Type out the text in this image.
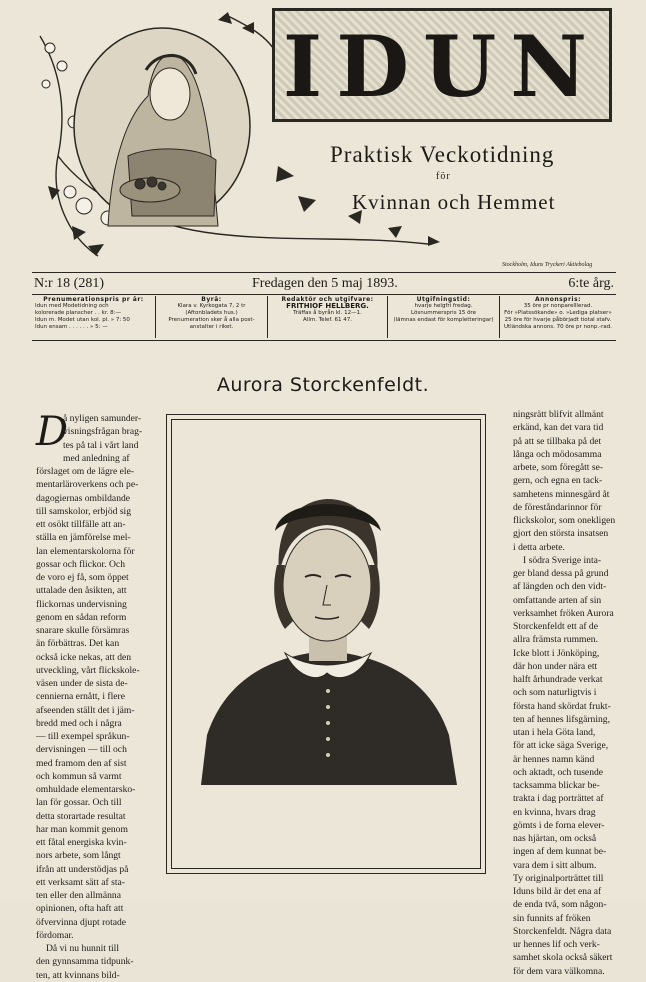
IDUN
Praktisk Veckotidning
för
Kvinnan och Hemmet
Stockholm, Iduns Tryckeri Aktiebolag
N:r 18 (281)	Fredagen den 5 maj 1893.	6:te årg.
Prenumerationspris pr år:
Idun med Modetidning och
kolorerade planscher . . kr. 8:—
Idun m. Modet utan kol. pl. » 7: 50
Idun ensam . . . . . . » 5: —
Byrå:
Klara v. Kyrkogata 7, 2 tr
(Aftonbladets hus.)
Prenumeration sker å alla post-
anstalter i riket.
Redaktör och utgifvare:
FRITHIOF HELLBERG.
Träffas å byrån kl. 12—1.
Allm. Telef. 61 47.
Utgifningstid:
hvarje helgfri fredag.
Lösnummerspris 15 öre
(lämnas endast för kompletteringar)
Annonspris:
35 öre pr nonparelllerad.
För »Platssökande» o. »Lediga platser»
25 öre för hvarje påbörjadt tiotal stafv.
Utländska annons. 70 öre pr nonp.-rad.
Aurora Storckenfeldt.
D
å nyligen samunder-
visningsfrågan brag-
tes på tal i vårt land
med anledning af
förslaget om de lägre ele-
mentarläroverkens och pe-
dagogiernas ombildande
till samskolor, erbjöd sig
ett osökt tillfälle att an-
ställa en jämförelse mel-
lan elementarskolorna för
gossar och flickor. Och
de voro ej få, som öppet
uttalade den åsikten, att
flickornas undervisning
genom en sådan reform
snarare skulle försämras
än förbättras. Det kan
också icke nekas, att den
utveckling, vårt flickskole-
väsen under de sista de-
cennierna ernått, i flere
afseenden ställt det i jäm-
bredd med och i några
— till exempel språkun-
dervisningen — till och
med framom den af sist
och kommun så varmt
omhuldade elementarsko-
lan för gossar. Och till
detta storartade resultat
har man kommit genom
ett fåtal energiska kvin-
nors arbete, som långt
ifrån att understödjas på
ett verksamt sätt af sta-
ten eller den allmänna
opinionen, ofta haft att
öfvervinna djupt rotade
fördomar.
Då vi nu hunnit till
den gynnsamma tidpunk-
ten, att kvinnans bild-
ningsrätt blifvit allmänt
erkänd, kan det vara tid
på att se tillbaka på det
långa och mödosamma
arbete, som föregått se-
gern, och egna en tack-
samhetens minnesgärd åt
de föreståndarinnor för
flickskolor, som onekligen
gjort den största insatsen
i detta arbete.
I södra Sverige inta-
ger bland dessa på grund
af längden och den vidt-
omfattande arten af sin
verksamhet fröken Aurora
Storckenfeldt ett af de
allra främsta rummen.
Icke blott i Jönköping,
där hon under nära ett
halft århundrade verkat
och som naturligtvis i
första hand skördat frukt-
ten af hennes lifsgärning,
utan i hela Göta land,
för att icke säga Sverige,
är hennes namn känd
och aktadt, och tusende
tacksamma blickar be-
trakta i dag porträttet af
en kvinna, hvars drag
gömts i de forna elever-
nas hjärtan, om också
ingen af dem kunnat be-
vara dem i sitt album.
Ty originalporträttet till
Iduns bild är det ena af
de enda två, som någon-
sin funnits af fröken
Storckenfeldt. Några data
ur hennes lif och verk-
samhet skola också säkert
för dem vara välkomna.
